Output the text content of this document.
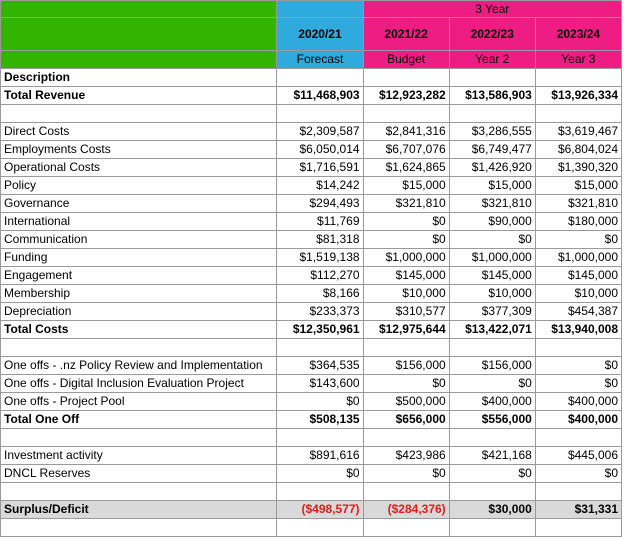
		3 Year		
	2020/21	2021/22	2022/23	2023/24
	Forecast	Budget	Year 2	Year 3
Description				
Total Revenue	$11,468,903	$12,923,282	$13,586,903	$13,926,334

Direct Costs	$2,309,587	$2,841,316	$3,286,555	$3,619,467
Employments Costs	$6,050,014	$6,707,076	$6,749,477	$6,804,024
Operational Costs	$1,716,591	$1,624,865	$1,426,920	$1,390,320
Policy	$14,242	$15,000	$15,000	$15,000
Governance	$294,493	$321,810	$321,810	$321,810
International	$11,769	$0	$90,000	$180,000
Communication	$81,318	$0	$0	$0
Funding	$1,519,138	$1,000,000	$1,000,000	$1,000,000
Engagement	$112,270	$145,000	$145,000	$145,000
Membership	$8,166	$10,000	$10,000	$10,000
Depreciation	$233,373	$310,577	$377,309	$454,387
Total Costs	$12,350,961	$12,975,644	$13,422,071	$13,940,008

One offs - .nz Policy Review and Implementation	$364,535	$156,000	$156,000	$0
One offs - Digital Inclusion Evaluation Project	$143,600	$0	$0	$0
One offs - Project Pool	$0	$500,000	$400,000	$400,000
Total One Off	$508,135	$656,000	$556,000	$400,000

Investment activity	$891,616	$423,986	$421,168	$445,006
DNCL Reserves	$0	$0	$0	$0

Surplus/Deficit	($498,577)	($284,376)	$30,000	$31,331
